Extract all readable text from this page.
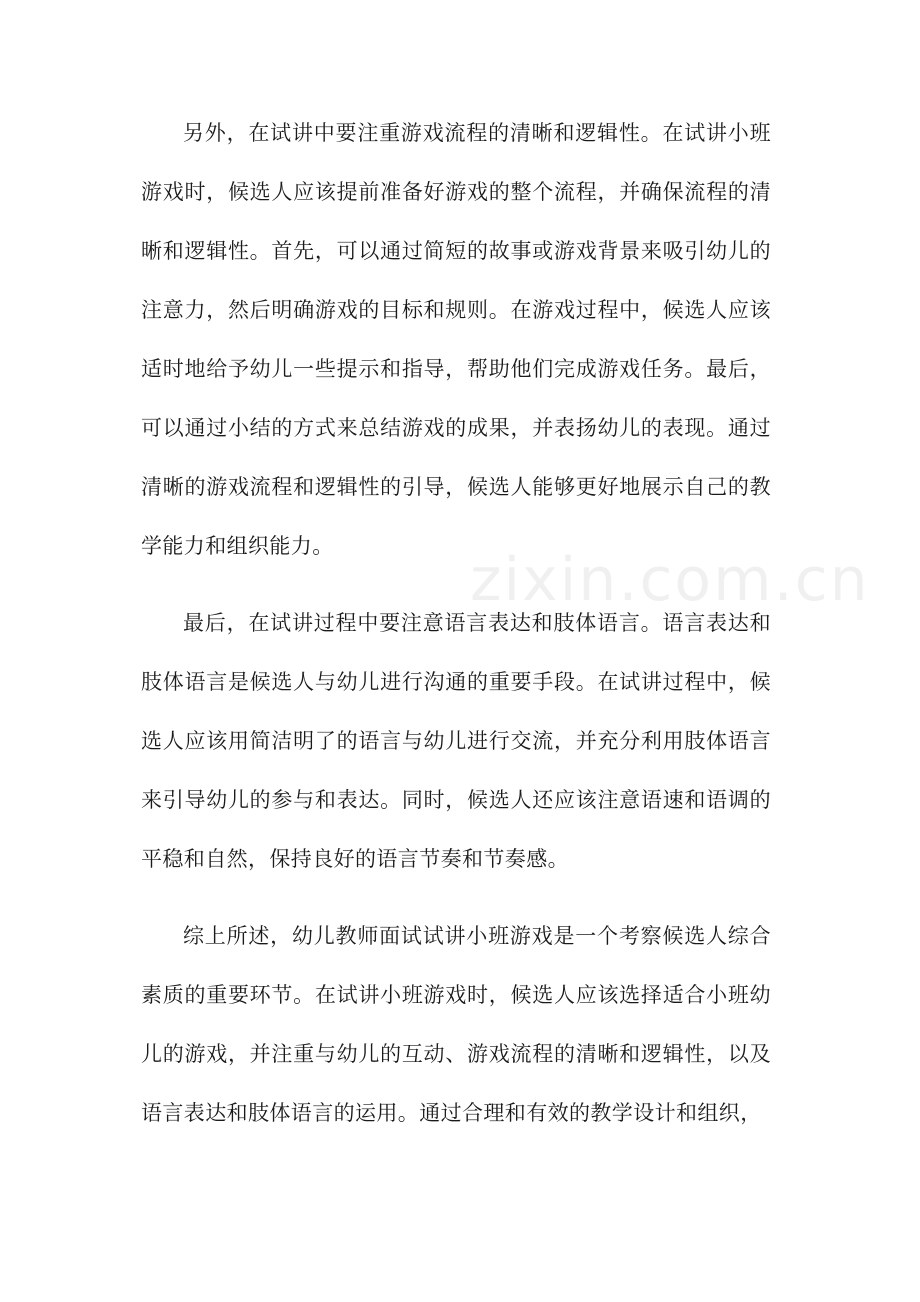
zixin.com.cn

另外，在试讲中要注重游戏流程的清晰和逻辑性。在试讲小班游戏时，候选人应该提前准备好游戏的整个流程，并确保流程的清晰和逻辑性。首先，可以通过简短的故事或游戏背景来吸引幼儿的注意力，然后明确游戏的目标和规则。在游戏过程中，候选人应该适时地给予幼儿一些提示和指导，帮助他们完成游戏任务。最后，可以通过小结的方式来总结游戏的成果，并表扬幼儿的表现。通过清晰的游戏流程和逻辑性的引导，候选人能够更好地展示自己的教学能力和组织能力。

最后，在试讲过程中要注意语言表达和肢体语言。语言表达和肢体语言是候选人与幼儿进行沟通的重要手段。在试讲过程中，候选人应该用简洁明了的语言与幼儿进行交流，并充分利用肢体语言来引导幼儿的参与和表达。同时，候选人还应该注意语速和语调的平稳和自然，保持良好的语言节奏和节奏感。

综上所述，幼儿教师面试试讲小班游戏是一个考察候选人综合素质的重要环节。在试讲小班游戏时，候选人应该选择适合小班幼儿的游戏，并注重与幼儿的互动、游戏流程的清晰和逻辑性，以及语言表达和肢体语言的运用。通过合理和有效的教学设计和组织，
